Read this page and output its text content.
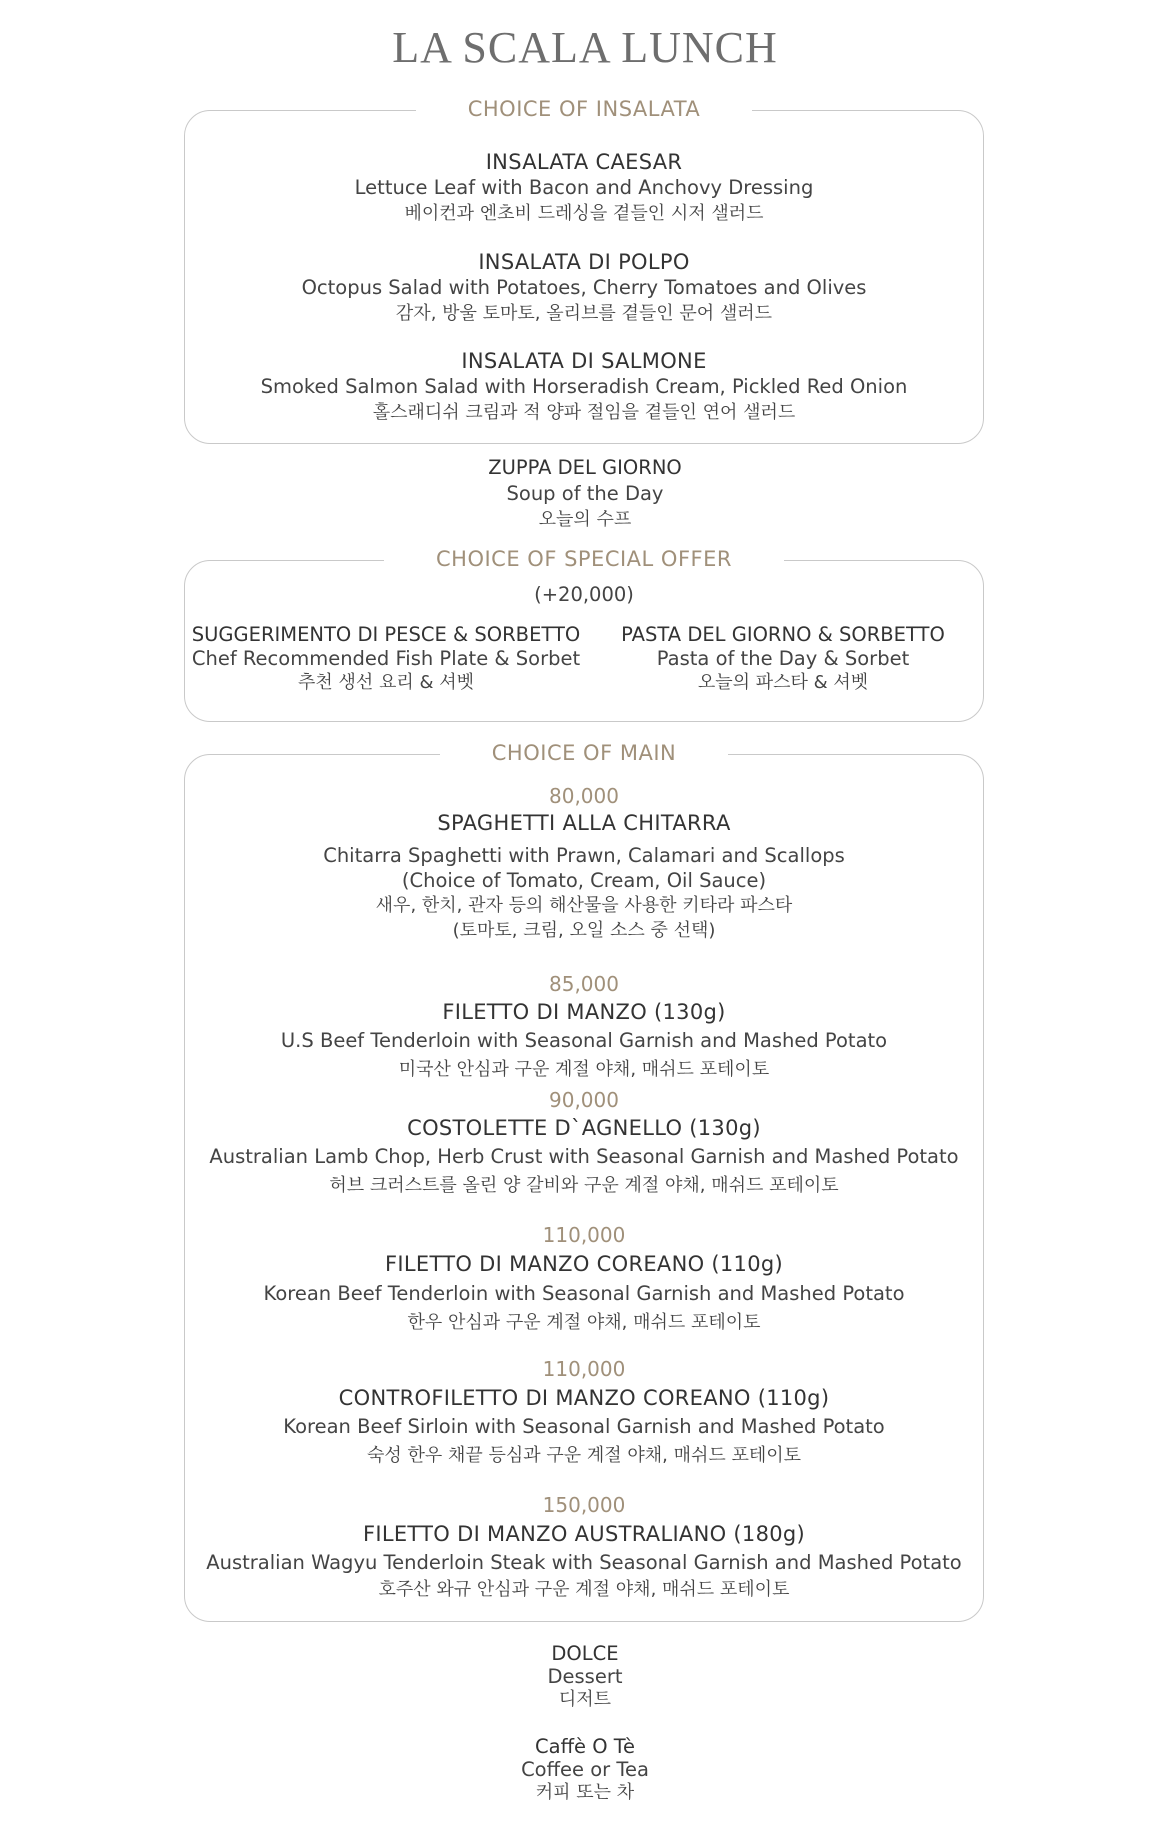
LA SCALA LUNCH
CHOICE OF INSALATA
INSALATA CAESAR
Lettuce Leaf with Bacon and Anchovy Dressing
베이컨과 엔초비 드레싱을 곁들인 시저 샐러드
INSALATA DI POLPO
Octopus Salad with Potatoes, Cherry Tomatoes and Olives
감자, 방울 토마토, 올리브를 곁들인 문어 샐러드
INSALATA DI SALMONE
Smoked Salmon Salad with Horseradish Cream, Pickled Red Onion
홀스래디쉬 크림과 적 양파 절임을 곁들인 연어 샐러드
ZUPPA DEL GIORNO
Soup of the Day
오늘의 수프
CHOICE OF SPECIAL OFFER
(+20,000)
SUGGERIMENTO DI PESCE & SORBETTO
Chef Recommended Fish Plate & Sorbet
추천 생선 요리 & 셔벳
PASTA DEL GIORNO & SORBETTO
Pasta of the Day & Sorbet
오늘의 파스타 & 셔벳
CHOICE OF MAIN
80,000
SPAGHETTI ALLA CHITARRA
Chitarra Spaghetti with Prawn, Calamari and Scallops
(Choice of Tomato, Cream, Oil Sauce)
새우, 한치, 관자 등의 해산물을 사용한 키타라 파스타
(토마토, 크림, 오일 소스 중 선택)
85,000
FILETTO DI MANZO (130g)
U.S Beef Tenderloin with Seasonal Garnish and Mashed Potato
미국산 안심과 구운 계절 야채, 매쉬드 포테이토
90,000
COSTOLETTE D`AGNELLO (130g)
Australian Lamb Chop, Herb Crust with Seasonal Garnish and Mashed Potato
허브 크러스트를 올린 양 갈비와 구운 계절 야채, 매쉬드 포테이토
110,000
FILETTO DI MANZO COREANO (110g)
Korean Beef Tenderloin with Seasonal Garnish and Mashed Potato
한우 안심과 구운 계절 야채, 매쉬드 포테이토
110,000
CONTROFILETTO DI MANZO COREANO (110g)
Korean Beef Sirloin with Seasonal Garnish and Mashed Potato
숙성 한우 채끝 등심과 구운 계절 야채, 매쉬드 포테이토
150,000
FILETTO DI MANZO AUSTRALIANO (180g)
Australian Wagyu Tenderloin Steak with Seasonal Garnish and Mashed Potato
호주산 와규 안심과 구운 계절 야채, 매쉬드 포테이토
DOLCE
Dessert
디저트
Caffè O Tè
Coffee or Tea
커피 또는 차
